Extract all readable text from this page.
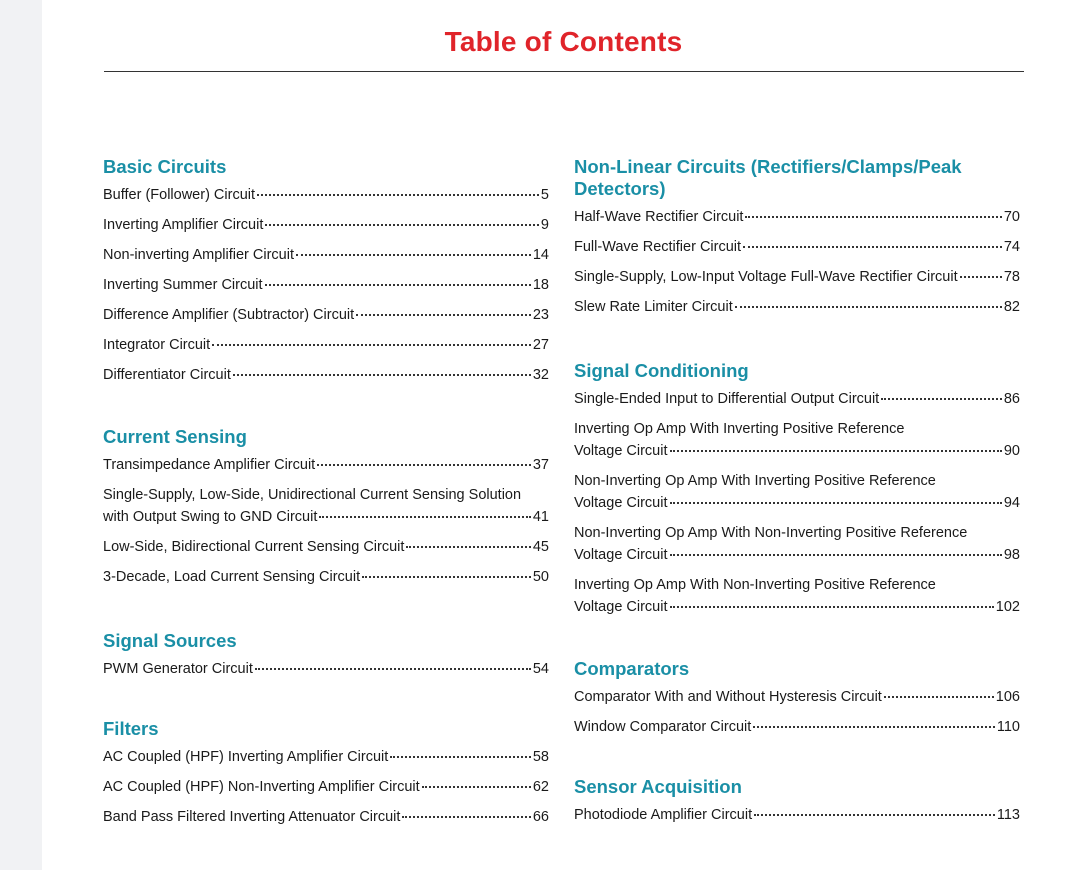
Table of Contents
Basic Circuits
Buffer (Follower) Circuit	5
Inverting Amplifier Circuit	9
Non-inverting Amplifier Circuit	14
Inverting Summer Circuit	18
Difference Amplifier (Subtractor) Circuit	23
Integrator Circuit	27
Differentiator Circuit	32
Current Sensing
Transimpedance Amplifier Circuit	37
Single-Supply, Low-Side, Unidirectional Current Sensing Solution
with Output Swing to GND Circuit	41
Low-Side, Bidirectional Current Sensing Circuit	45
3-Decade, Load Current Sensing Circuit	50
Signal Sources
PWM Generator Circuit	54
Filters
AC Coupled (HPF) Inverting Amplifier Circuit	58
AC Coupled (HPF) Non-Inverting Amplifier Circuit	62
Band Pass Filtered Inverting Attenuator Circuit	66
Non-Linear Circuits (Rectifiers/Clamps/Peak Detectors)
Half-Wave Rectifier Circuit	70
Full-Wave Rectifier Circuit	74
Single-Supply, Low-Input Voltage Full-Wave Rectifier Circuit	78
Slew Rate Limiter Circuit	82
Signal Conditioning
Single-Ended Input to Differential Output Circuit	86
Inverting Op Amp With Inverting Positive Reference
Voltage Circuit	90
Non-Inverting Op Amp With Inverting Positive Reference
Voltage Circuit	94
Non-Inverting Op Amp With Non-Inverting Positive Reference
Voltage Circuit	98
Inverting Op Amp With Non-Inverting Positive Reference
Voltage Circuit	102
Comparators
Comparator With and Without Hysteresis Circuit	106
Window Comparator Circuit	110
Sensor Acquisition
Photodiode Amplifier Circuit	113
